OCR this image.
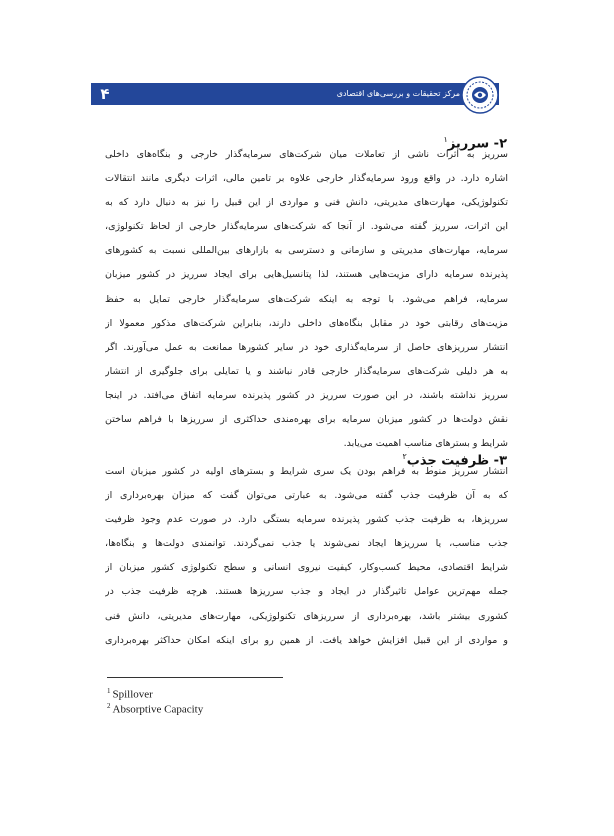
۴	مرکز تحقیقات و بررسی‌های اقتصادی
۲- سرریز$^۱$
سرریز به اثرات ناشی از تعاملات میان شرکت‌های سرمایه‌گذار خارجی و بنگاه‌های داخلی
اشاره دارد. در واقع ورود سرمایه‌گذار خارجی علاوه بر تامین مالی، اثرات دیگری مانند انتقالات
تکنولوژیکی، مهارت‌های مدیریتی، دانش فنی و مواردی از این قبیل را نیز به دنبال دارد که به
این اثرات، سرریز گفته می‌شود. از آنجا که شرکت‌های سرمایه‌گذار خارجی از لحاظ تکنولوژی،
سرمایه، مهارت‌های مدیریتی و سازمانی و دسترسی به بازارهای بین‌المللی نسبت به کشورهای
پذیرنده سرمایه دارای مزیت‌هایی هستند، لذا پتانسیل‌هایی برای ایجاد سرریز در کشور میزبان
سرمایه، فراهم می‌شود. با توجه به اینکه شرکت‌های سرمایه‌گذار خارجی تمایل به حفظ
مزیت‌های رقابتی خود در مقابل بنگاه‌های داخلی دارند، بنابراین شرکت‌های مذکور معمولا از
انتشار سرریزهای حاصل از سرمایه‌گذاری خود در سایر کشورها ممانعت به عمل می‌آورند. اگر
به هر دلیلی شرکت‌های سرمایه‌گذار خارجی قادر نباشند و یا تمایلی برای جلوگیری از انتشار
سرریز نداشته باشند، در این صورت سرریز در کشور پذیرنده سرمایه اتفاق می‌افتد. در اینجا
نقش دولت‌ها در کشور میزبان سرمایه برای بهره‌مندی حداکثری از سرریزها با فراهم ساختن
شرایط و بسترهای مناسب اهمیت می‌یابد.
۳- ظرفیت جذب$^۲$
انتشار سرریز منوط به فراهم بودن یک سری شرایط و بسترهای اولیه در کشور میزبان است
که به آن ظرفیت جذب گفته می‌شود. به عبارتی می‌توان گفت که میزان بهره‌برداری از
سرریزها، به ظرفیت جذب کشور پذیرنده سرمایه بستگی دارد. در صورت عدم وجود ظرفیت
جذب مناسب، یا سرریزها ایجاد نمی‌شوند یا جذب نمی‌گردند. توانمندی دولت‌ها و بنگاه‌ها،
شرایط اقتصادی، محیط کسب‌وکار، کیفیت نیروی انسانی و سطح تکنولوژی کشور میزبان از
جمله مهم‌ترین عوامل تاثیرگذار در ایجاد و جذب سرریزها هستند. هرچه ظرفیت جذب در
کشوری بیشتر باشد، بهره‌برداری از سرریزهای تکنولوژیکی، مهارت‌های مدیریتی، دانش فنی
و مواردی از این قبیل افزایش خواهد یافت. از همین رو برای اینکه امکان حداکثر بهره‌برداری
$^1$ Spillover
$^2$ Absorptive Capacity
